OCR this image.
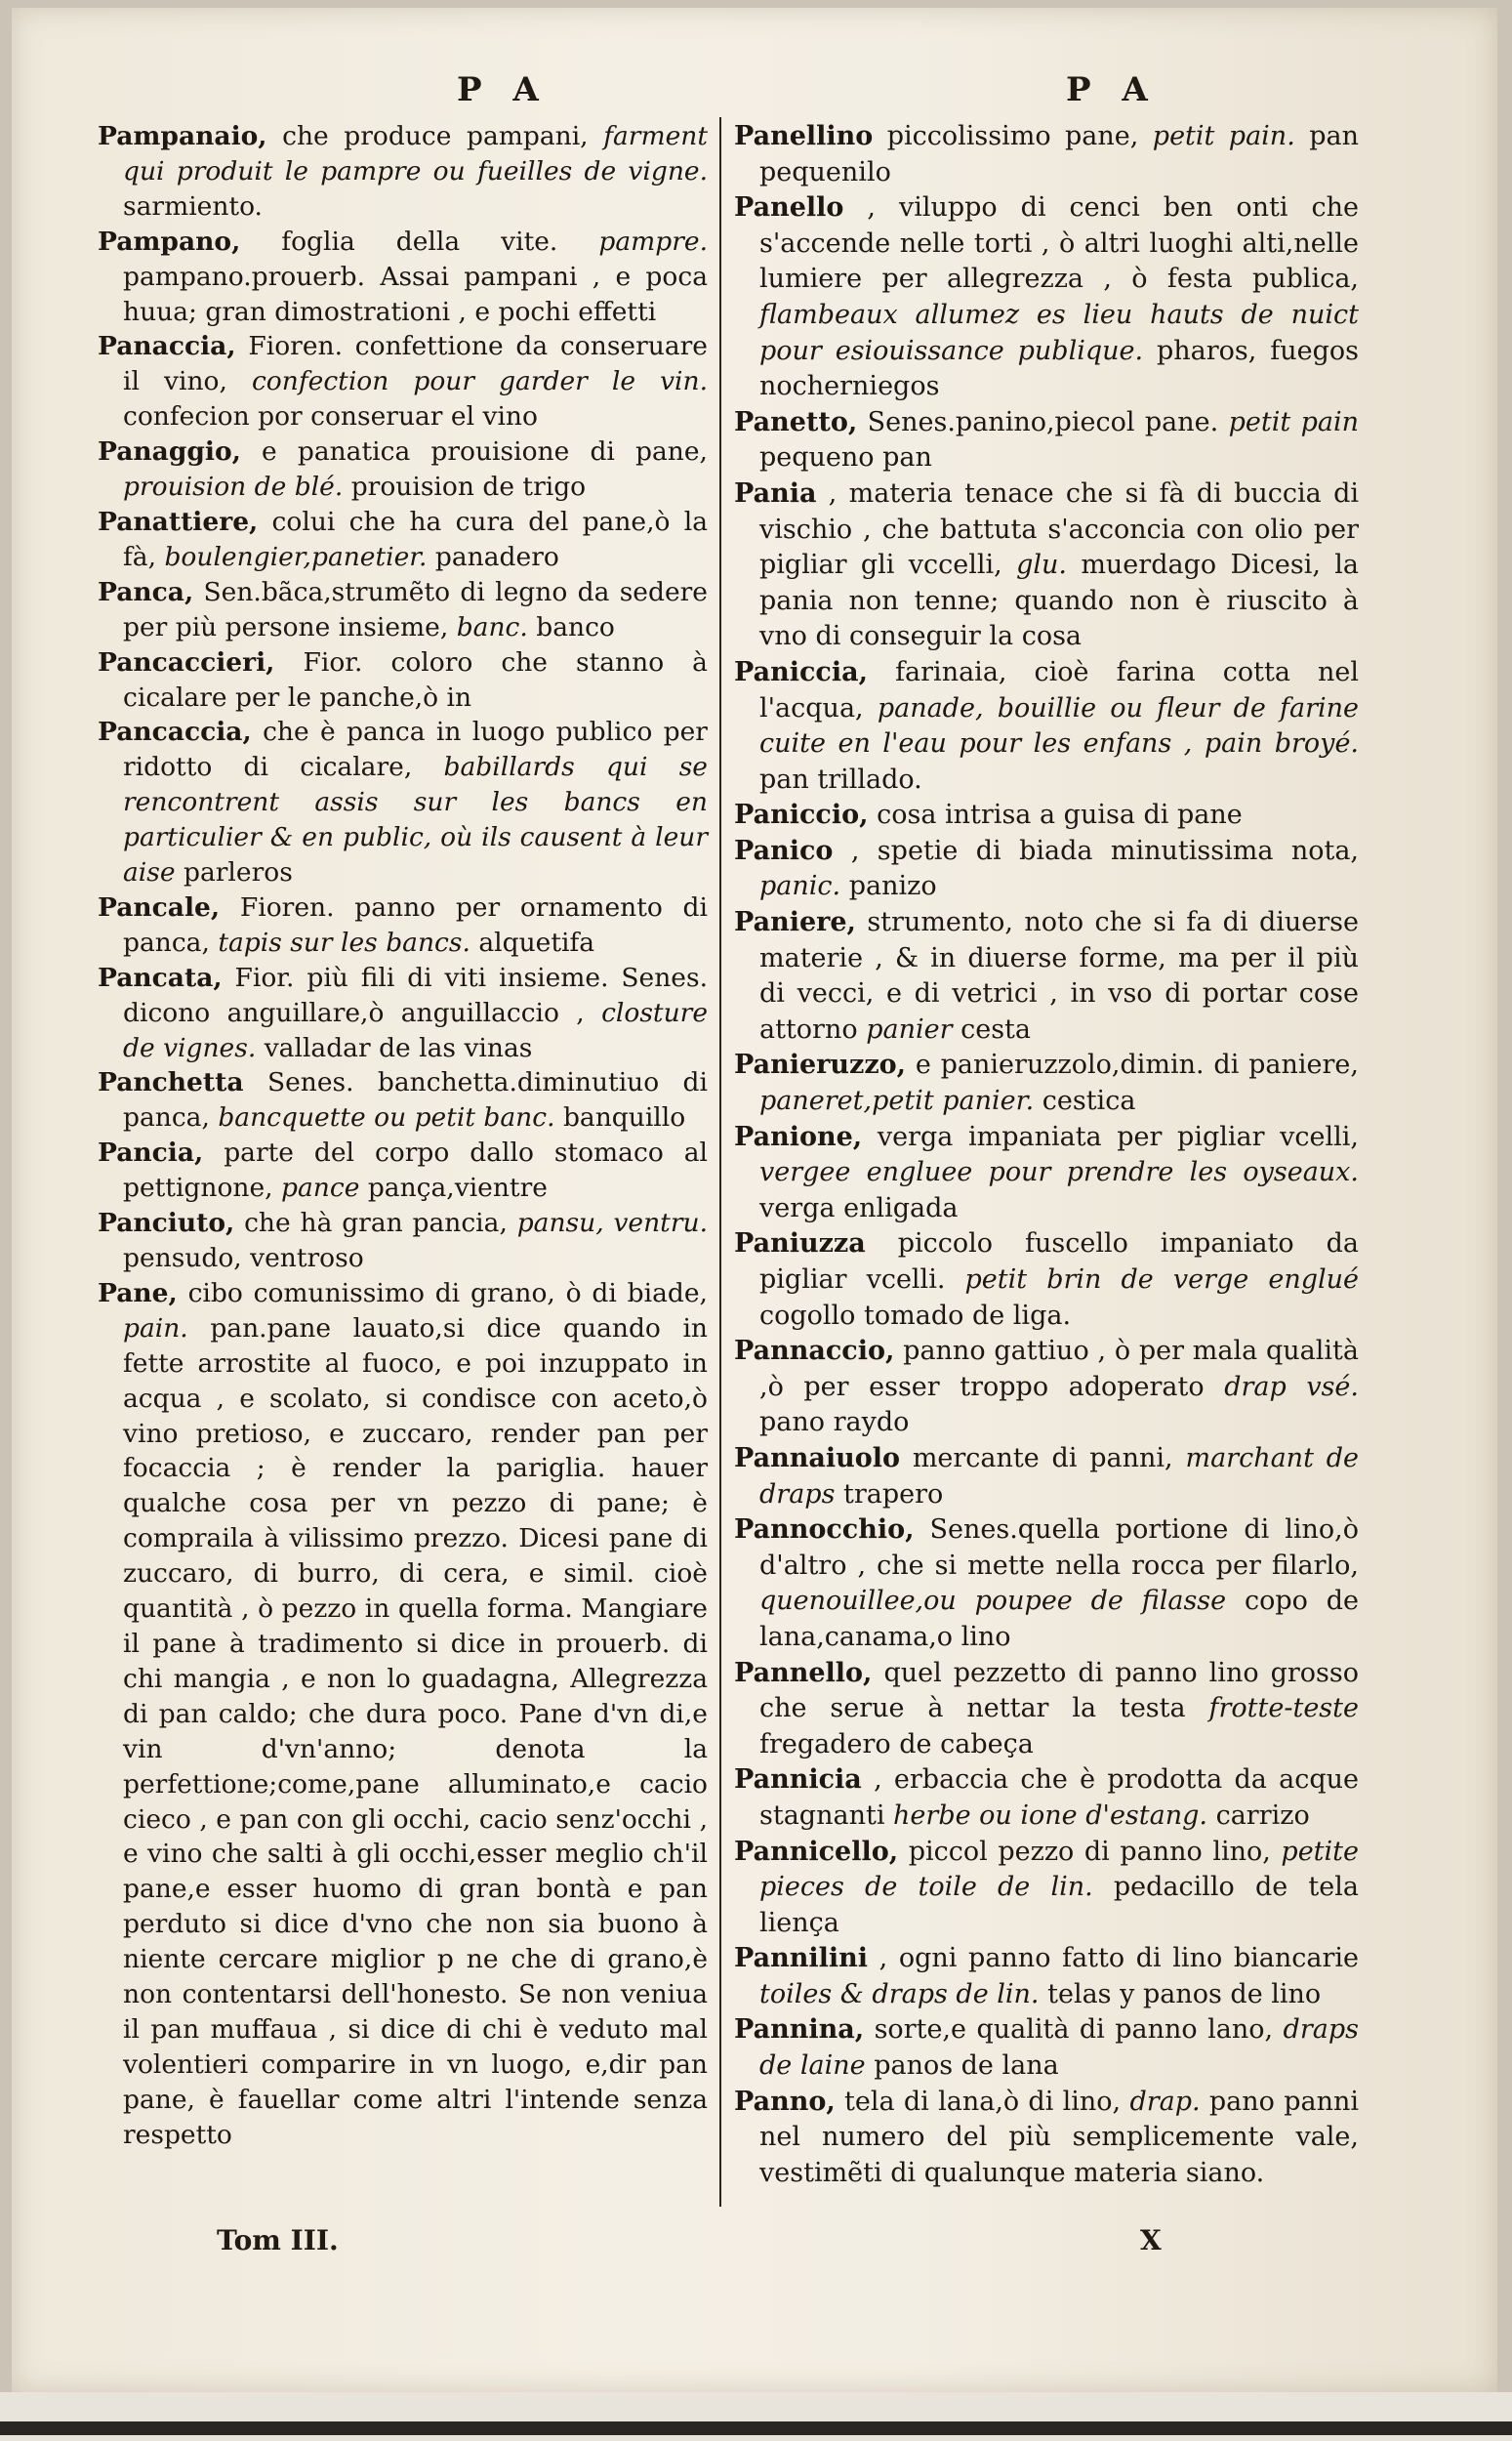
P A	P A

Pampanaio, che produce pampani, farment qui produit le pampre ou fueilles de vigne. sarmiento.

Pampano, foglia della vite. pampre. pampano.prouerb. Assai pampani , e poca huua; gran dimostrationi , e pochi effetti

Panaccia, Fioren. confettione da conseruare il vino, confection pour garder le vin. confecion por conseruar el vino

Panaggio, e panatica prouisione di pane, prouision de blé. prouision de trigo

Panattiere, colui che ha cura del pane,ò la fà, boulengier,panetier. panadero

Panca, Sen.bãca,strumẽto di legno da sedere per più persone insieme, banc. banco

Pancaccieri, Fior. coloro che stanno à cicalare per le panche,ò in

Pancaccia, che è panca in luogo publico per ridotto di cicalare, babillards qui se rencontrent assis sur les bancs en particulier & en public, où ils causent à leur aise parleros

Pancale, Fioren. panno per ornamento di panca, tapis sur les bancs. alquetifa

Pancata, Fior. più fili di viti insieme. Senes. dicono anguillare,ò anguillaccio , closture de vignes. valladar de las vinas

Panchetta Senes. banchetta.diminutiuo di panca, bancquette ou petit banc. banquillo

Pancia, parte del corpo dallo stomaco al pettignone, pance pança,vientre

Panciuto, che hà gran pancia, pansu, ventru. pensudo, ventroso

Pane, cibo comunissimo di grano, ò di biade, pain. pan.pane lauato,si dice quando in fette arrostite al fuoco, e poi inzuppato in acqua , e scolato, si condisce con aceto,ò vino pretioso, e zuccaro, render pan per focaccia ; è render la pariglia. hauer qualche cosa per vn pezzo di pane; è compraila à vilissimo prezzo. Dicesi pane di zuccaro, di burro, di cera, e simil. cioè quantità , ò pezzo in quella forma. Mangiare il pane à tradimento si dice in prouerb. di chi mangia , e non lo guadagna, Allegrezza di pan caldo; che dura poco. Pane d'vn di,e vin d'vn'anno; denota la perfettione;come,pane alluminato,e cacio cieco , e pan con gli occhi, cacio senz'occhi , e vino che salti à gli occhi,esser meglio ch'il pane,e esser huomo di gran bontà e pan perduto si dice d'vno che non sia buono à niente cercare miglior p ne che di grano,è non contentarsi dell'honesto. Se non veniua il pan muffaua , si dice di chi è veduto mal volentieri comparire in vn luogo, e,dir pan pane, è fauellar come altri l'intende senza respetto

Panellino piccolissimo pane, petit pain. pan pequenilo

Panello , viluppo di cenci ben onti che s'accende nelle torti , ò altri luoghi alti,nelle lumiere per allegrezza , ò festa publica, flambeaux allumez es lieu hauts de nuict pour esiouissance publique. pharos, fuegos nocherniegos

Panetto, Senes.panino,piecol pane. petit pain pequeno pan

Pania , materia tenace che si fà di buccia di vischio , che battuta s'acconcia con olio per pigliar gli vccelli, glu. muerdago Dicesi, la pania non tenne; quando non è riuscito à vno di conseguir la cosa

Paniccia, farinaia, cioè farina cotta nel l'acqua, panade, bouillie ou fleur de farine cuite en l'eau pour les enfans , pain broyé. pan trillado.

Paniccio, cosa intrisa a guisa di pane

Panico , spetie di biada minutissima nota, panic. panizo

Paniere, strumento, noto che si fa di diuerse materie , & in diuerse forme, ma per il più di vecci, e di vetrici , in vso di portar cose attorno panier cesta

Panieruzzo, e panieruzzolo,dimin. di paniere, paneret,petit panier. cestica

Panione, verga impaniata per pigliar vcelli, vergee engluee pour prendre les oyseaux. verga enligada

Paniuzza piccolo fuscello impaniato da pigliar vcelli. petit brin de verge englué cogollo tomado de liga.

Pannaccio, panno gattiuo , ò per mala qualità ,ò per esser troppo adoperato drap vsé. pano raydo

Pannaiuolo mercante di panni, marchant de draps trapero

Pannocchio, Senes.quella portione di lino,ò d'altro , che si mette nella rocca per filarlo, quenouillee,ou poupee de filasse copo de lana,canama,o lino

Pannello, quel pezzetto di panno lino grosso che serue à nettar la testa frotte-teste fregadero de cabeça

Pannicia , erbaccia che è prodotta da acque stagnanti herbe ou ione d'estang. carrizo

Pannicello, piccol pezzo di panno lino, petite pieces de toile de lin. pedacillo de tela liença

Pannilini , ogni panno fatto di lino biancarie toiles & draps de lin. telas y panos de lino

Pannina, sorte,e qualità di panno lano, draps de laine panos de lana

Panno, tela di lana,ò di lino, drap. pano panni nel numero del più semplicemente vale, vestimẽti di qualunque materia siano.

Tom III.	X
